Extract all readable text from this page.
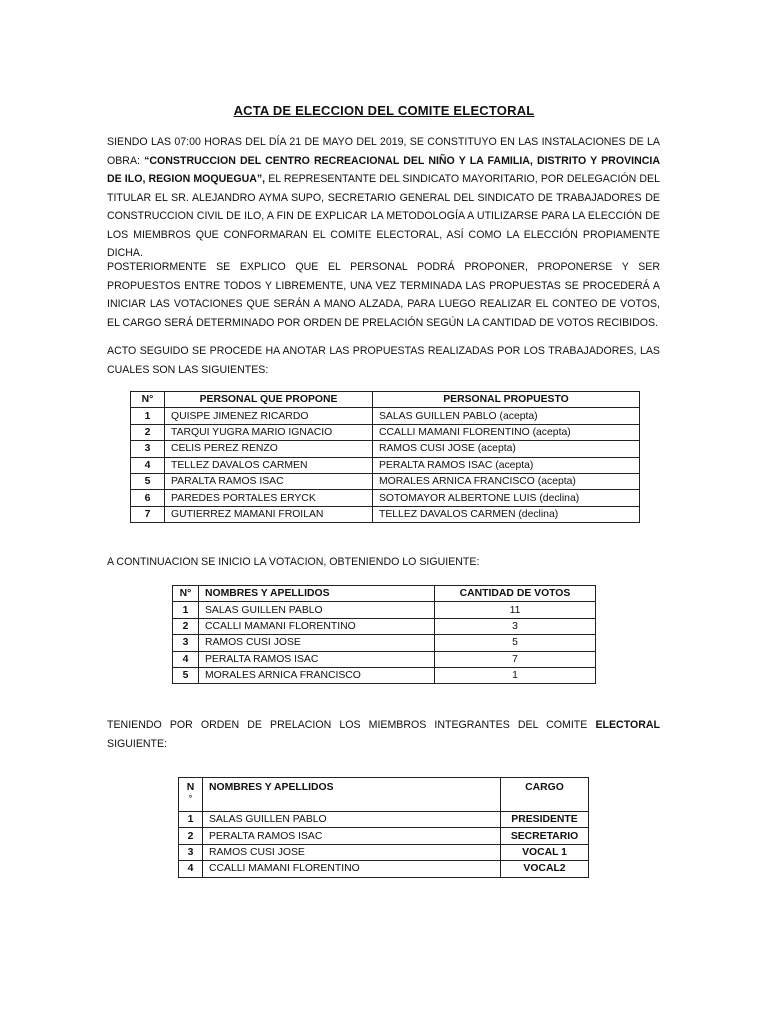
ACTA DE ELECCION DEL COMITE ELECTORAL

SIENDO LAS 07:00 HORAS DEL DÍA 21 DE MAYO DEL 2019, SE CONSTITUYO EN LAS INSTALACIONES DE LA OBRA: “CONSTRUCCION DEL CENTRO RECREACIONAL DEL NIÑO Y LA FAMILIA, DISTRITO Y PROVINCIA DE ILO, REGION MOQUEGUA”, EL REPRESENTANTE DEL SINDICATO MAYORITARIO, POR DELEGACIÓN DEL TITULAR EL SR. ALEJANDRO AYMA SUPO, SECRETARIO GENERAL DEL SINDICATO DE TRABAJADORES DE CONSTRUCCION CIVIL DE ILO, A FIN DE EXPLICAR LA METODOLOGÍA A UTILIZARSE PARA LA ELECCIÓN DE LOS MIEMBROS QUE CONFORMARAN EL COMITE ELECTORAL, ASÍ COMO LA ELECCIÓN PROPIAMENTE DICHA.

POSTERIORMENTE SE EXPLICO QUE EL PERSONAL PODRÁ PROPONER, PROPONERSE Y SER PROPUESTOS ENTRE TODOS Y LIBREMENTE, UNA VEZ TERMINADA LAS PROPUESTAS SE PROCEDERÁ A INICIAR LAS VOTACIONES QUE SERÁN A MANO ALZADA, PARA LUEGO REALIZAR EL CONTEO DE VOTOS, EL CARGO SERÁ DETERMINADO POR ORDEN DE PRELACIÓN SEGÚN LA CANTIDAD DE VOTOS RECIBIDOS.

ACTO SEGUIDO SE PROCEDE HA ANOTAR LAS PROPUESTAS REALIZADAS POR LOS TRABAJADORES, LAS CUALES SON LAS SIGUIENTES:

N°	PERSONAL QUE PROPONE	PERSONAL PROPUESTO
1	QUISPE JIMENEZ RICARDO	SALAS GUILLEN PABLO (acepta)
2	TARQUI YUGRA MARIO IGNACIO	CCALLI MAMANI FLORENTINO (acepta)
3	CELIS PEREZ RENZO	RAMOS CUSI JOSE (acepta)
4	TELLEZ DAVALOS CARMEN	PERALTA RAMOS ISAC (acepta)
5	PARALTA RAMOS ISAC	MORALES ARNICA FRANCISCO (acepta)
6	PAREDES PORTALES ERYCK	SOTOMAYOR ALBERTONE LUIS (declina)
7	GUTIERREZ MAMANI FROILAN	TELLEZ DAVALOS CARMEN (declina)

A CONTINUACION SE INICIO LA VOTACION, OBTENIENDO LO SIGUIENTE:

N°	NOMBRES Y APELLIDOS	CANTIDAD DE VOTOS
1	SALAS GUILLEN PABLO	11
2	CCALLI MAMANI FLORENTINO	3
3	RAMOS CUSI JOSE	5
4	PERALTA RAMOS ISAC	7
5	MORALES ARNICA FRANCISCO	1

TENIENDO POR ORDEN DE PRELACION LOS MIEMBROS INTEGRANTES DEL COMITE ELECTORAL SIGUIENTE:

N
°	NOMBRES Y APELLIDOS	CARGO
1	SALAS GUILLEN PABLO	PRESIDENTE
2	PERALTA RAMOS ISAC	SECRETARIO
3	RAMOS CUSI JOSE	VOCAL 1
4	CCALLI MAMANI FLORENTINO	VOCAL2
